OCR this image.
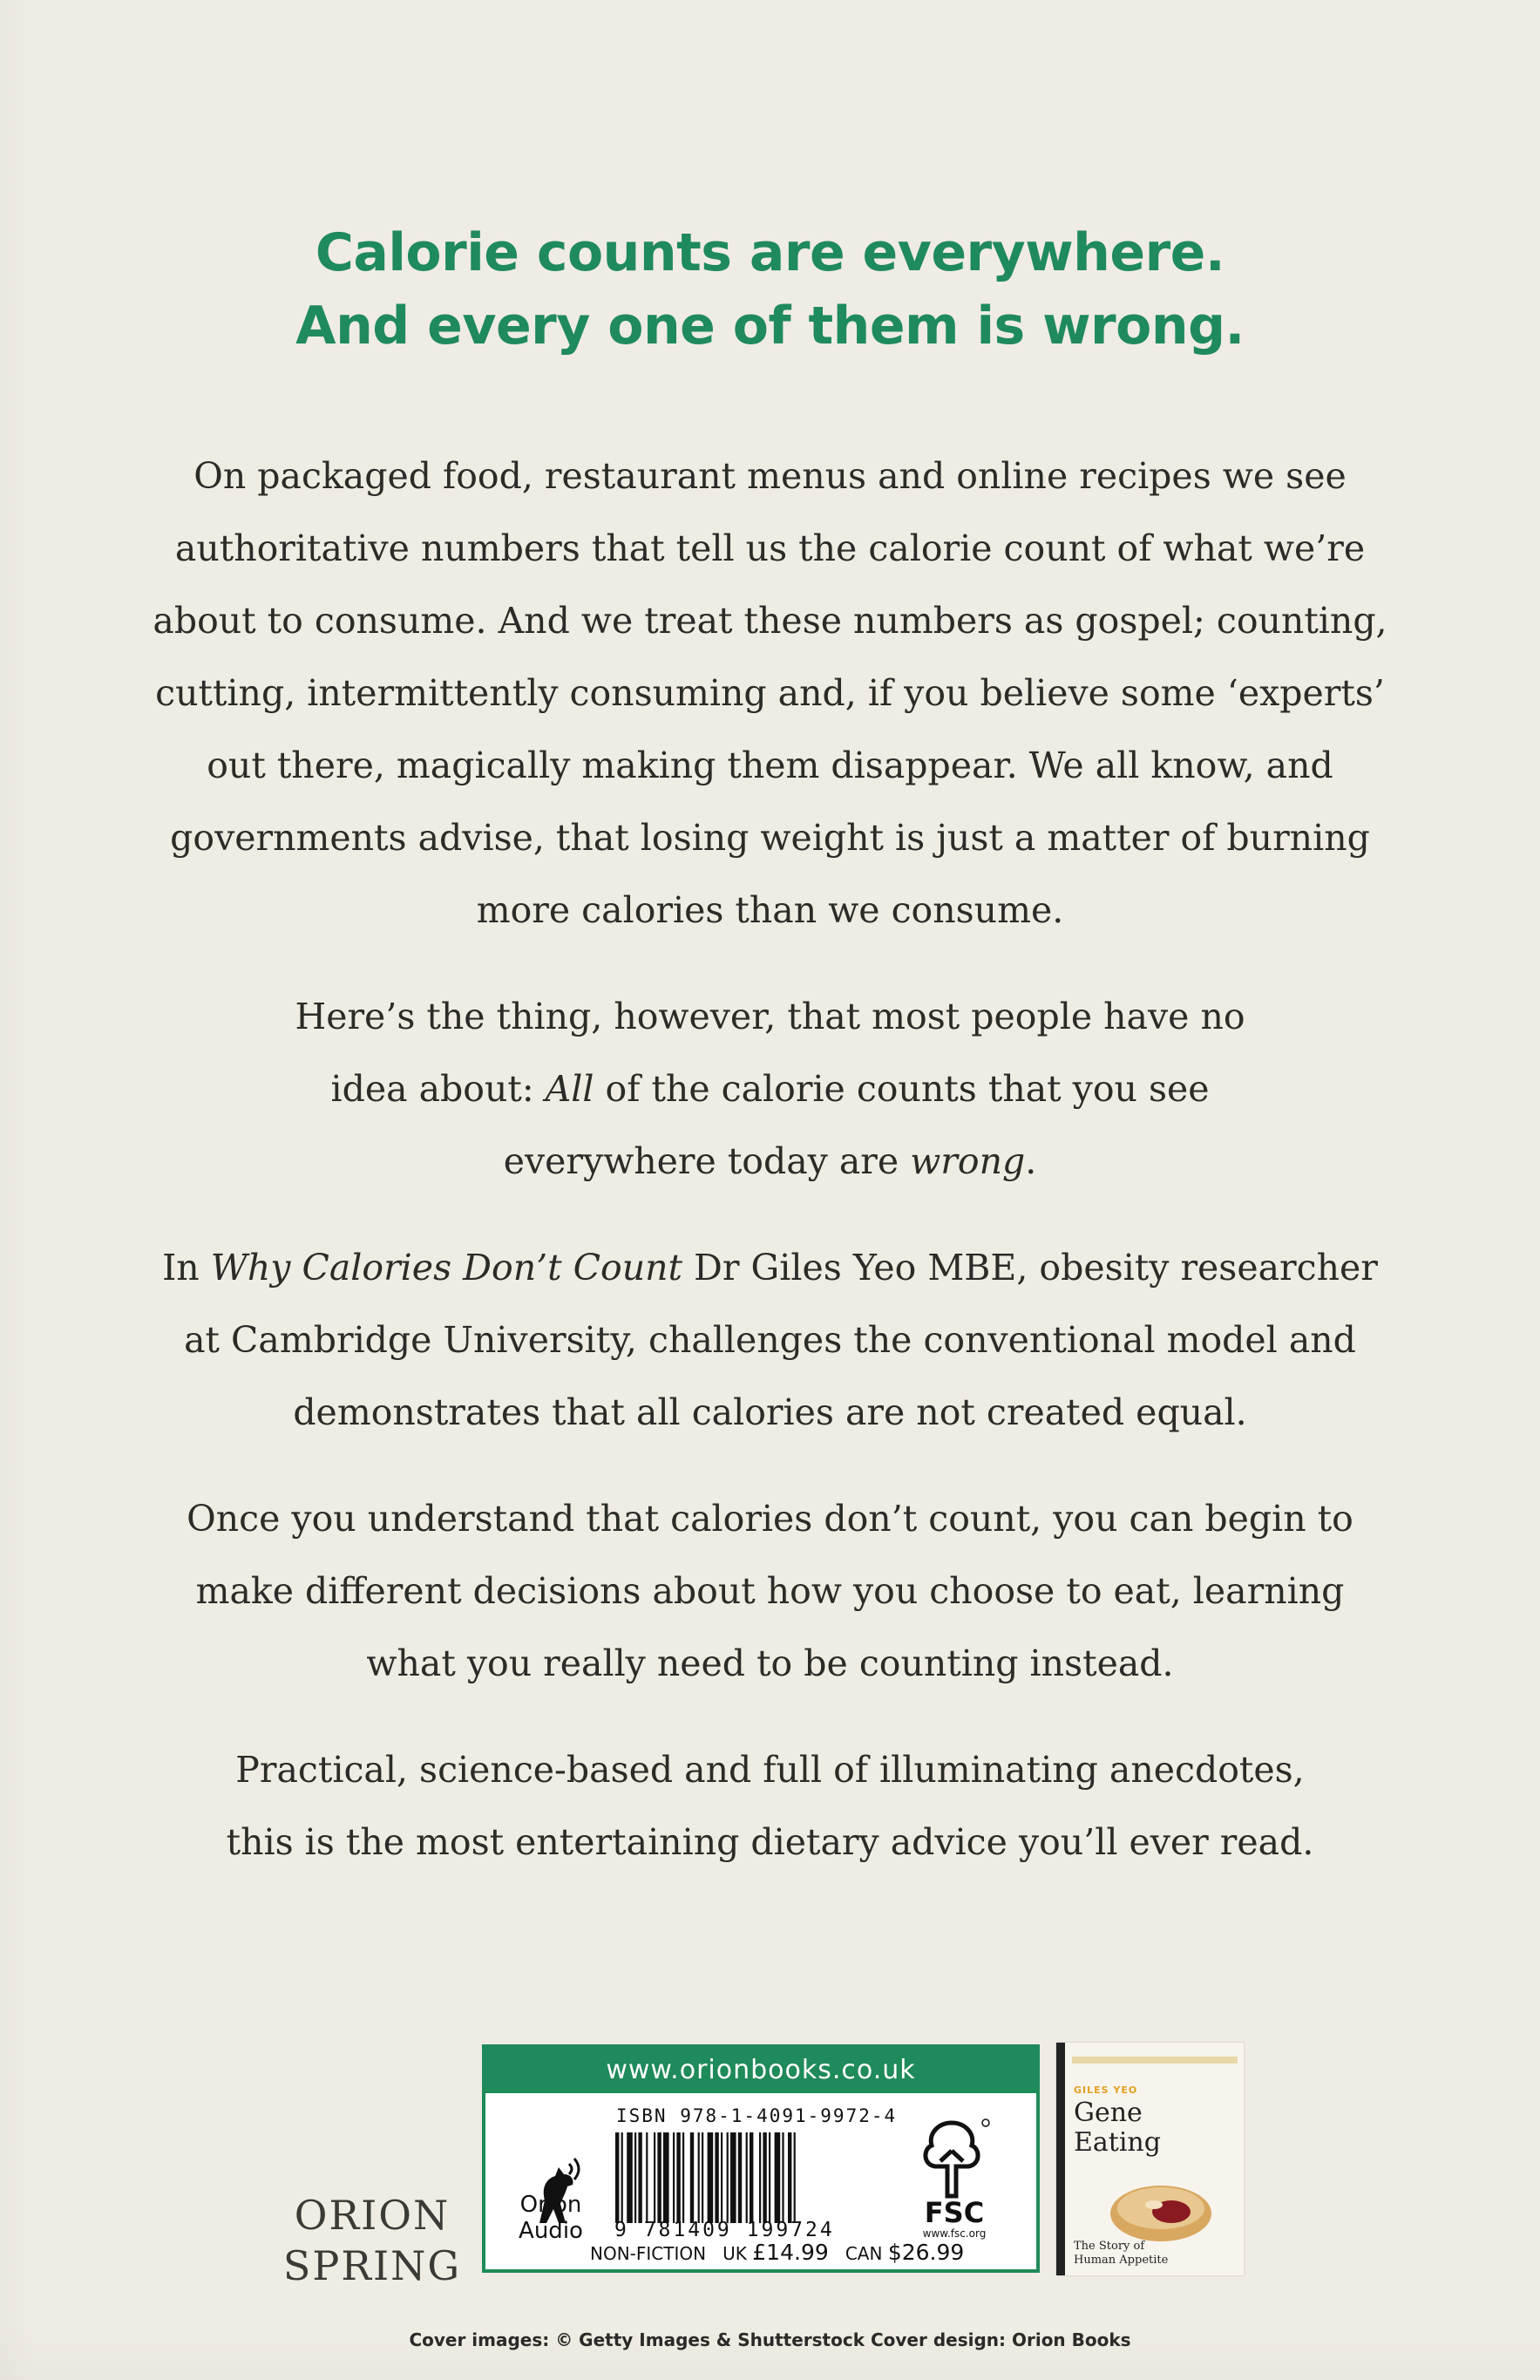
Calorie counts are everywhere.
And every one of them is wrong.
On packaged food, restaurant menus and online recipes we see
authoritative numbers that tell us the calorie count of what we’re
about to consume. And we treat these numbers as gospel; counting,
cutting, intermittently consuming and, if you believe some ‘experts’
out there, magically making them disappear. We all know, and
governments advise, that losing weight is just a matter of burning
more calories than we consume.
Here’s the thing, however, that most people have no
idea about: All of the calorie counts that you see
everywhere today are wrong.
In Why Calories Don’t Count Dr Giles Yeo MBE, obesity researcher
at Cambridge University, challenges the conventional model and
demonstrates that all calories are not created equal.
Once you understand that calories don’t count, you can begin to
make different decisions about how you choose to eat, learning
what you really need to be counting instead.
Practical, science-based and full of illuminating anecdotes,
this is the most entertaining dietary advice you’ll ever read.
ORION
SPRING
www.orionbooks.co.uk
Orion
Audio
ISBN 978-1-4091-9972-4
9 781409 199724
FSC
www.fsc.org
NON-FICTION UK £14.99 CAN $26.99
GILES YEO
Gene
Eating
The Story of
Human Appetite
Cover images: © Getty Images & Shutterstock Cover design: Orion Books
